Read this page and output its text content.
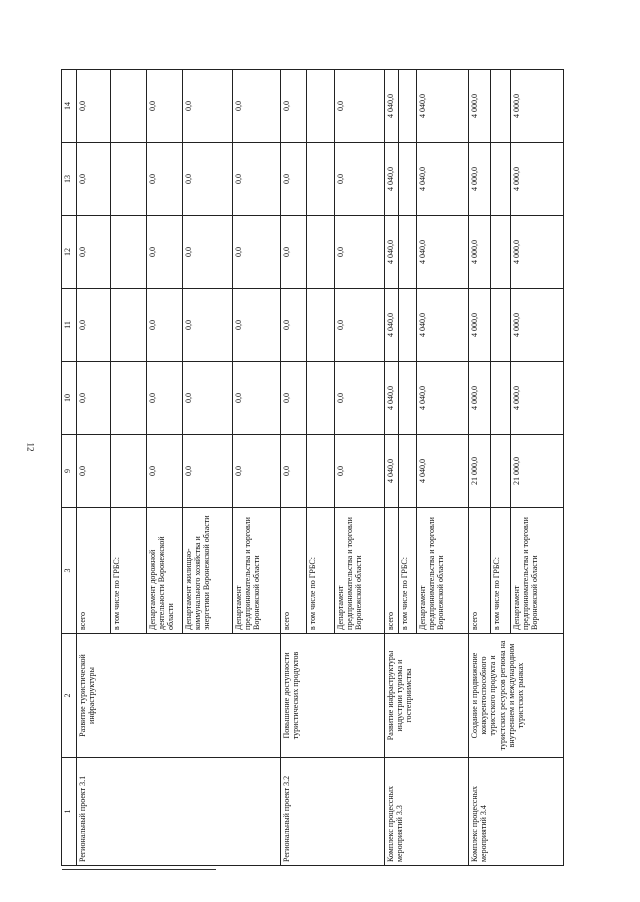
12
1	2	3	9	10	11	12	13	14
Региональный проект 3.1	Развитие туристической инфраструктуры	всего	0,0	0,0	0,0	0,0	0,0	0,0
		в том числе по ГРБС:						
		Департамент дорожной деятельности Воронежской области	0,0	0,0	0,0	0,0	0,0	0,0
		Департамент жилищно-коммунального хозяйства и энергетики Воронежской области	0,0	0,0	0,0	0,0	0,0	0,0
		Департамент предпринимательства и торговли Воронежской области	0,0	0,0	0,0	0,0	0,0	0,0
Региональный проект 3.2	Повышение доступности туристических продуктов	всего	0,0	0,0	0,0	0,0	0,0	0,0
		в том числе по ГРБС:						
		Департамент предпринимательства и торговли Воронежской области	0,0	0,0	0,0	0,0	0,0	0,0
Комплекс процессных мероприятий 3.3	Развитие инфраструктуры индустрии туризма и гостеприимства	всего	4 040,0	4 040,0	4 040,0	4 040,0	4 040,0	4 040,0
		в том числе по ГРБС:						
		Департамент предпринимательства и торговли Воронежской области	4 040,0	4 040,0	4 040,0	4 040,0	4 040,0	4 040,0
Комплекс процессных мероприятий 3.4	Создание и продвижение конкурентоспособного туристского продукта и туристских ресурсов региона на внутреннем и международном туристских рынках	всего	21 000,0	4 000,0	4 000,0	4 000,0	4 000,0	4 000,0
		в том числе по ГРБС:						
		Департамент предпринимательства и торговли Воронежской области	21 000,0	4 000,0	4 000,0	4 000,0	4 000,0	4 000,0
